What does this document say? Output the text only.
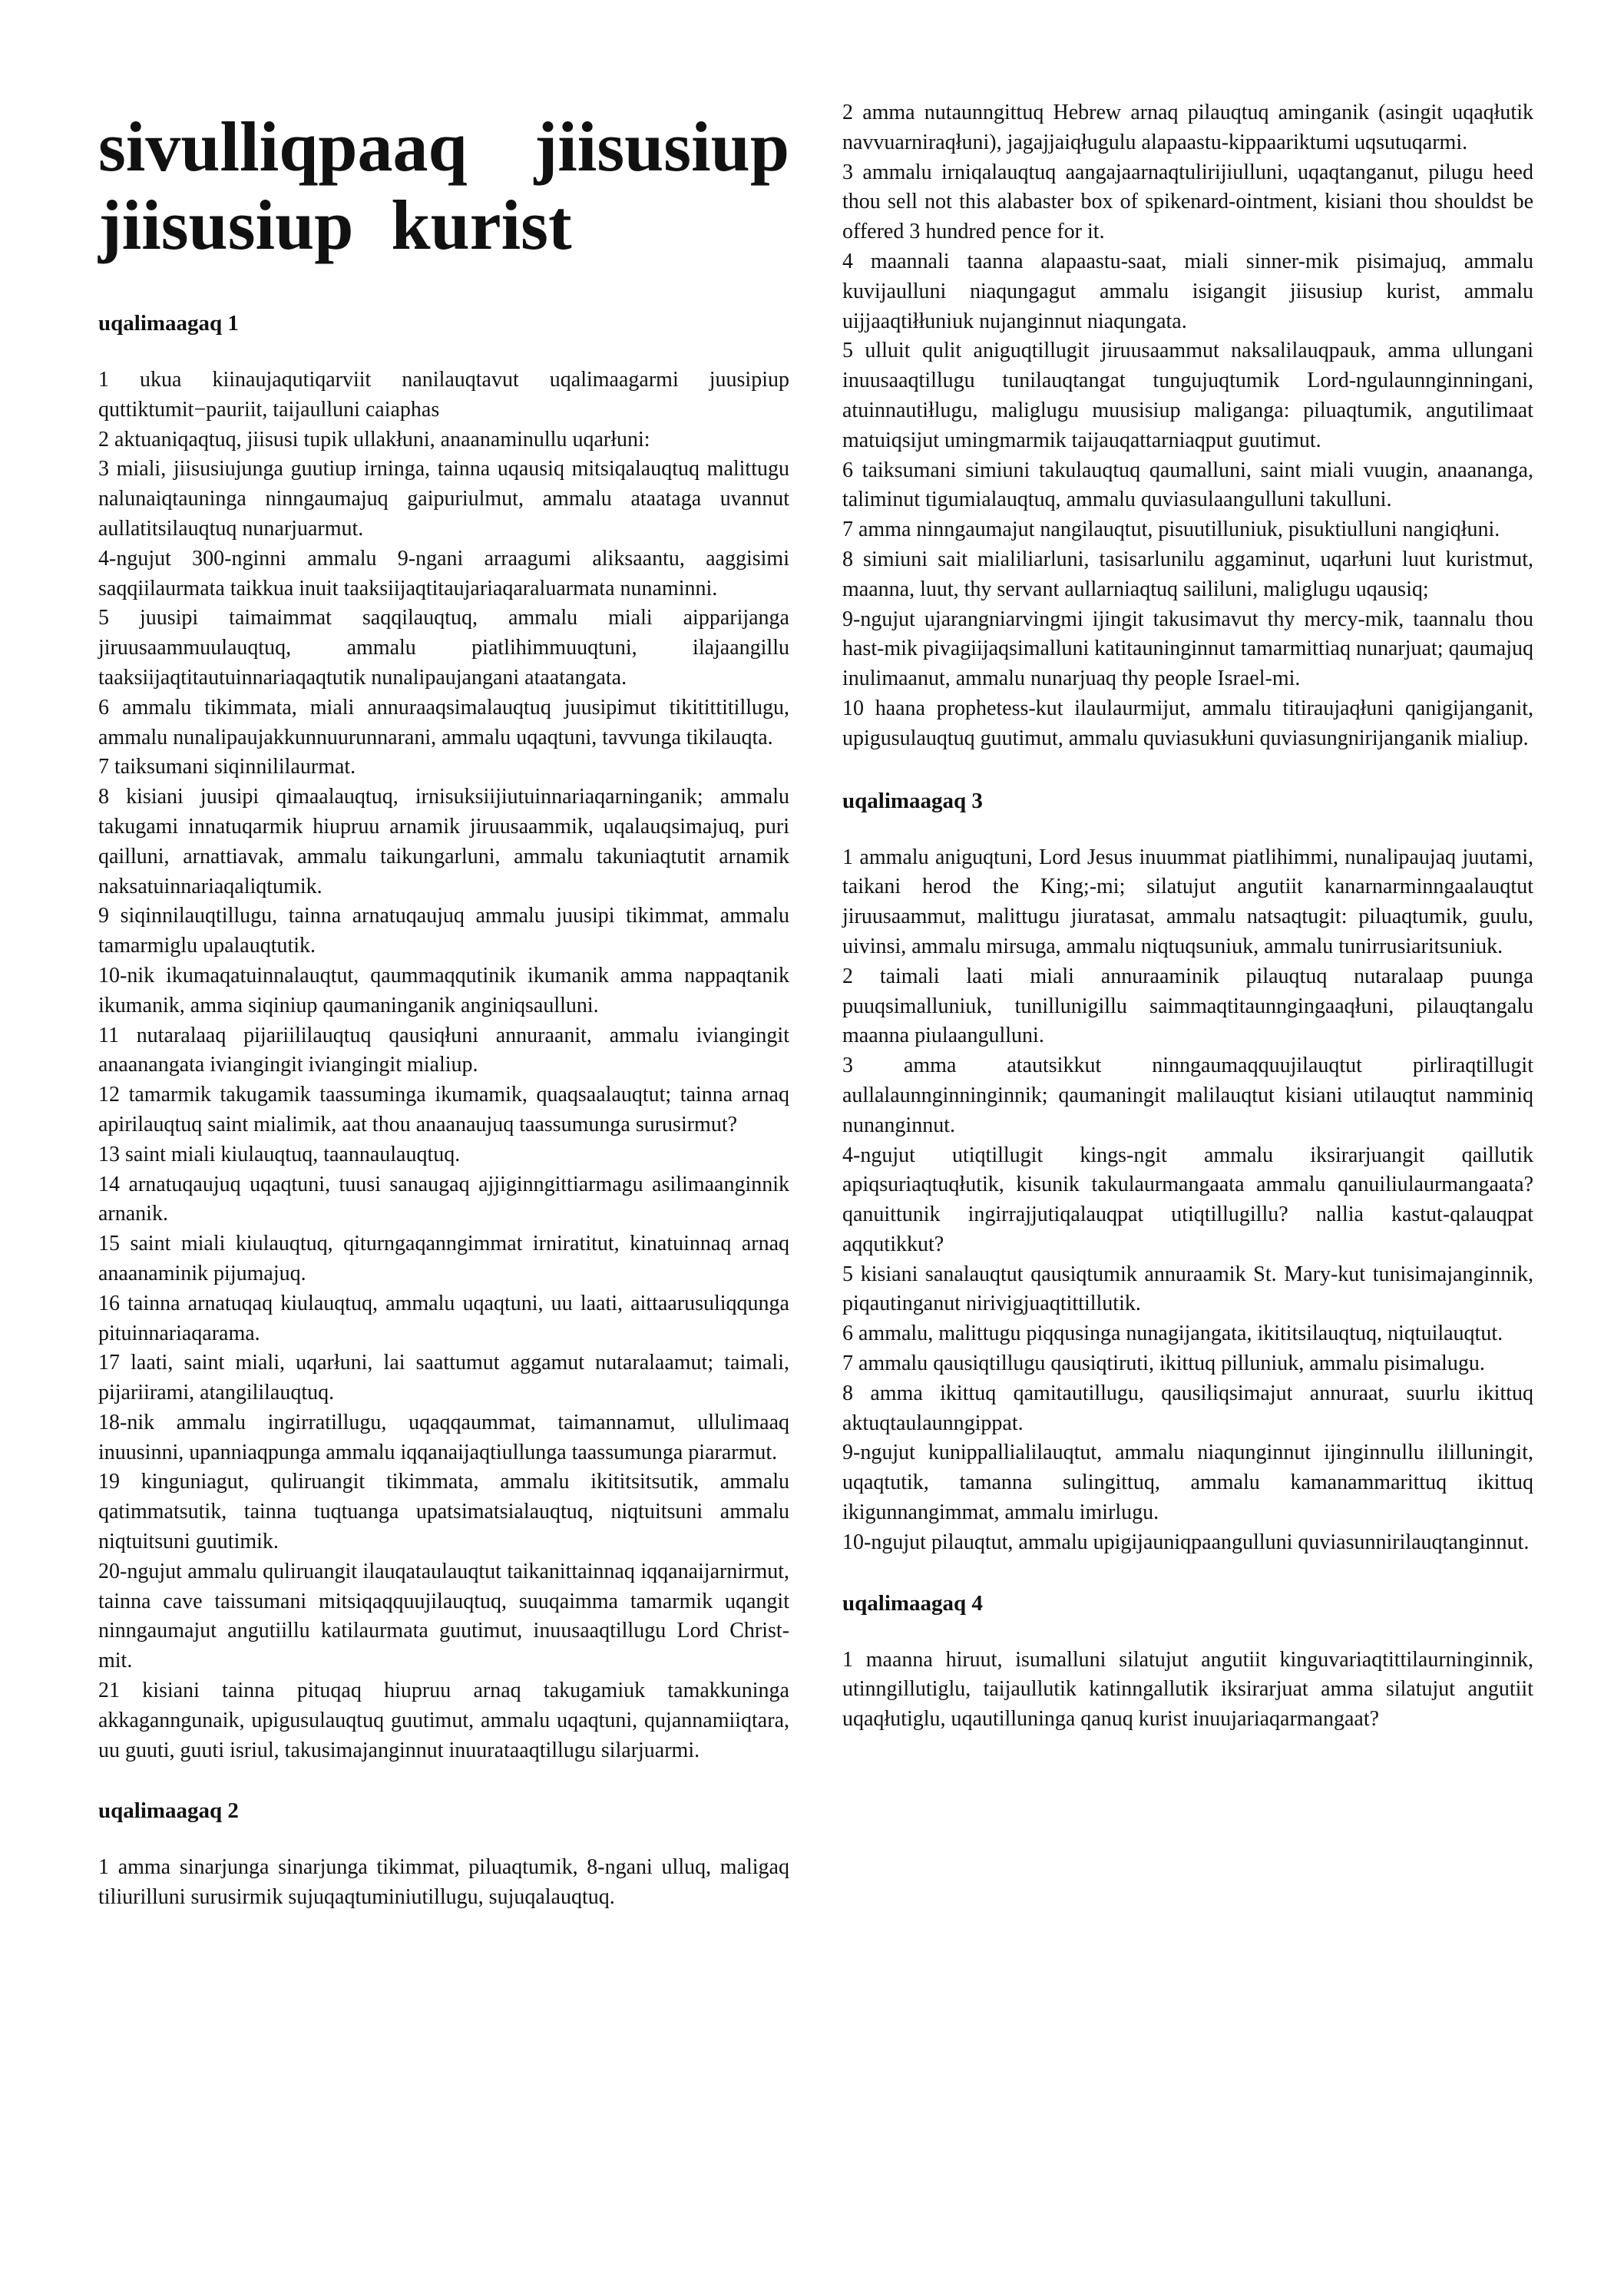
sivulliqpaaq jiisusiup jiisusiup kurist
uqalimaagaq 1

1 ukua kiinaujaqutiqarviit nanilauqtavut uqalimaagarmi juusipiup quttiktumit−pauriit, taijaulluni caiaphas

2 aktuaniqaqtuq, jiisusi tupik ullakłuni, anaanaminullu uqarłuni:

3 miali, jiisusiujunga guutiup irninga, tainna uqausiq mitsiqalauqtuq malittugu nalunaiqtauninga ninngaumajuq gaipuriulmut, ammalu ataataga uvannut aullatitsilauqtuq nunarjuarmut.

4-ngujut 300-nginni ammalu 9-ngani arraagumi aliksaantu, aaggisimi saqqiilaurmata taikkua inuit taaksiijaqtitaujariaqaraluarmata nunaminni.

5 juusipi taimaimmat saqqilauqtuq, ammalu miali aipparijanga jiruusaammuulauqtuq, ammalu piatlihimmuuqtuni, ilajaangillu taaksiijaqtitautuinnariaqaqtutik nunalipaujangani ataatangata.

6 ammalu tikimmata, miali annuraaqsimalauqtuq juusipimut tikitittitillugu, ammalu nunalipaujakkunnuurunnarani, ammalu uqaqtuni, tavvunga tikilauqta.

7 taiksumani siqinnililaurmat.

8 kisiani juusipi qimaalauqtuq, irnisuksiijiutuinnariaqarninganik; ammalu takugami innatuqarmik hiupruu arnamik jiruusaammik, uqalauqsimajuq, puri qailluni, arnattiavak, ammalu taikungarluni, ammalu takuniaqtutit arnamik naksatuinnariaqaliqtumik.

9 siqinnilauqtillugu, tainna arnatuqaujuq ammalu juusipi tikimmat, ammalu tamarmiglu upalauqtutik.

10-nik ikumaqatuinnalauqtut, qaummaqqutinik ikumanik amma nappaqtanik ikumanik, amma siqiniup qaumaninganik anginiqsaulluni.

11 nutaralaaq pijariililauqtuq qausiqłuni annuraanit, ammalu iviangingit anaanangata iviangingit iviangingit mialiup.

12 tamarmik takugamik taassuminga ikumamik, quaqsaalauqtut; tainna arnaq apirilauqtuq saint mialimik, aat thou anaanaujuq taassumunga surusirmut?

13 saint miali kiulauqtuq, taannaulauqtuq.

14 arnatuqaujuq uqaqtuni, tuusi sanaugaq ajjiginngittiarmagu asilimaanginnik arnanik.

15 saint miali kiulauqtuq, qiturngaqanngimmat irniratitut, kinatuinnaq arnaq anaanaminik pijumajuq.

16 tainna arnatuqaq kiulauqtuq, ammalu uqaqtuni, uu laati, aittaarusuliqqunga pituinnariaqarama.

17 laati, saint miali, uqarłuni, lai saattumut aggamut nutaralaamut; taimali, pijariirami, atangililauqtuq.

18-nik ammalu ingirratillugu, uqaqqaummat, taimannamut, ullulimaaq inuusinni, upanniaqpunga ammalu iqqanaijaqtiullunga taassumunga piararmut.

19 kinguniagut, quliruangit tikimmata, ammalu ikititsitsutik, ammalu qatimmatsutik, tainna tuqtuanga upatsimatsialauqtuq, niqtuitsuni ammalu niqtuitsuni guutimik.

20-ngujut ammalu quliruangit ilauqataulauqtut taikanittainnaq iqqanaijarnirmut, tainna cave taissumani mitsiqaqquujilauqtuq, suuqaimma tamarmik uqangit ninngaumajut angutiillu katilaurmata guutimut, inuusaaqtillugu Lord Christ-mit.

21 kisiani tainna pituqaq hiupruu arnaq takugamiuk tamakkuninga akkaganngunaik, upigusulauqtuq guutimut, ammalu uqaqtuni, qujannamiiqtara, uu guuti, guuti isriul, takusimajanginnut inuurataaqtillugu silarjuarmi.

uqalimaagaq 2

1 amma sinarjunga sinarjunga tikimmat, piluaqtumik, 8-ngani ulluq, maligaq tiliurilluni surusirmik sujuqaqtuminiutillugu, sujuqalauqtuq.

2 amma nutaunngittuq Hebrew arnaq pilauqtuq aminganik (asingit uqaqłutik navvuarniraqłuni), jagajjaiqługulu alapaastu-kippaariktumi uqsutuqarmi.

3 ammalu irniqalauqtuq aangajaarnaqtulirijiulluni, uqaqtanganut, pilugu heed thou sell not this alabaster box of spikenard-ointment, kisiani thou shouldst be offered 3 hundred pence for it.

4 maannali taanna alapaastu-saat, miali sinner-mik pisimajuq, ammalu kuvijaulluni niaqungagut ammalu isigangit jiisusiup kurist, ammalu uijjaaqtiłłuniuk nujanginnut niaqungata.

5 ulluit qulit aniguqtillugit jiruusaammut naksalilauqpauk, amma ullungani inuusaaqtillugu tunilauqtangat tungujuqtumik Lord-ngulaunnginningani, atuinnautiłlugu, maliglugu muusisiup maliganga: piluaqtumik, angutilimaat matuiqsijut umingmarmik taijauqattarniaqput guutimut.

6 taiksumani simiuni takulauqtuq qaumalluni, saint miali vuugin, anaananga, taliminut tigumialauqtuq, ammalu quviasulaangulluni takulluni.

7 amma ninngaumajut nangilauqtut, pisuutilluniuk, pisuktiulluni nangiqłuni.

8 simiuni sait mialiliarluni, tasisarlunilu aggaminut, uqarłuni luut kuristmut, maanna, luut, thy servant aullarniaqtuq saililuni, maliglugu uqausiq;

9-ngujut ujarangniarvingmi ijingit takusimavut thy mercy-mik, taannalu thou hast-mik pivagiijaqsimalluni katitauninginnut tamarmittiaq nunarjuat; qaumajuq inulimaanut, ammalu nunarjuaq thy people Israel-mi.

10 haana prophetess-kut ilaulaurmijut, ammalu titiraujaqłuni qanigijanganit, upigusulauqtuq guutimut, ammalu quviasukłuni quviasungnirijanganik mialiup.

uqalimaagaq 3

1 ammalu aniguqtuni, Lord Jesus inuummat piatlihimmi, nunalipaujaq juutami, taikani herod the King;-mi; silatujut angutiit kanarnarminngaalauqtut jiruusaammut, malittugu jiuratasat, ammalu natsaqtugit: piluaqtumik, guulu, uivinsi, ammalu mirsuga, ammalu niqtuqsuniuk, ammalu tunirrusiaritsuniuk.

2 taimali laati miali annuraaminik pilauqtuq nutaralaap puunga puuqsimalluniuk, tunillunigillu saimmaqtitaunngingaaqłuni, pilauqtangalu maanna piulaangulluni.

3 amma atautsikkut ninngaumaqquujilauqtut pirliraqtillugit aullalaunnginninginnik; qaumaningit malilauqtut kisiani utilauqtut namminiq nunanginnut.

4-ngujut utiqtillugit kings-ngit ammalu iksirarjuangit qaillutik apiqsuriaqtuqłutik, kisunik takulaurmangaata ammalu qanuiliulaurmangaata? qanuittunik ingirrajjutiqalauqpat utiqtillugillu? nallia kastut-qalauqpat aqqutikkut?

5 kisiani sanalauqtut qausiqtumik annuraamik St. Mary-kut tunisimajanginnik, piqautinganut nirivigjuaqtittillutik.

6 ammalu, malittugu piqqusinga nunagijangata, ikititsilauqtuq, niqtuilauqtut.

7 ammalu qausiqtillugu qausiqtiruti, ikittuq pilluniuk, ammalu pisimalugu.

8 amma ikittuq qamitautillugu, qausiliqsimajut annuraat, suurlu ikittuq aktuqtaulaunngippat.

9-ngujut kunippallialilauqtut, ammalu niaqunginnut ijinginnullu ililluningit, uqaqtutik, tamanna sulingittuq, ammalu kamanammarittuq ikittuq ikigunnangimmat, ammalu imirlugu.

10-ngujut pilauqtut, ammalu upigijauniqpaangulluni quviasunnirilauqtanginnut.

uqalimaagaq 4

1 maanna hiruut, isumalluni silatujut angutiit kinguvariaqtittilaurninginnik, utinngillutiglu, taijaullutik katinngallutik iksirarjuat amma silatujut angutiit uqaqłutiglu, uqautilluninga qanuq kurist inuujariaqarmangaat?
